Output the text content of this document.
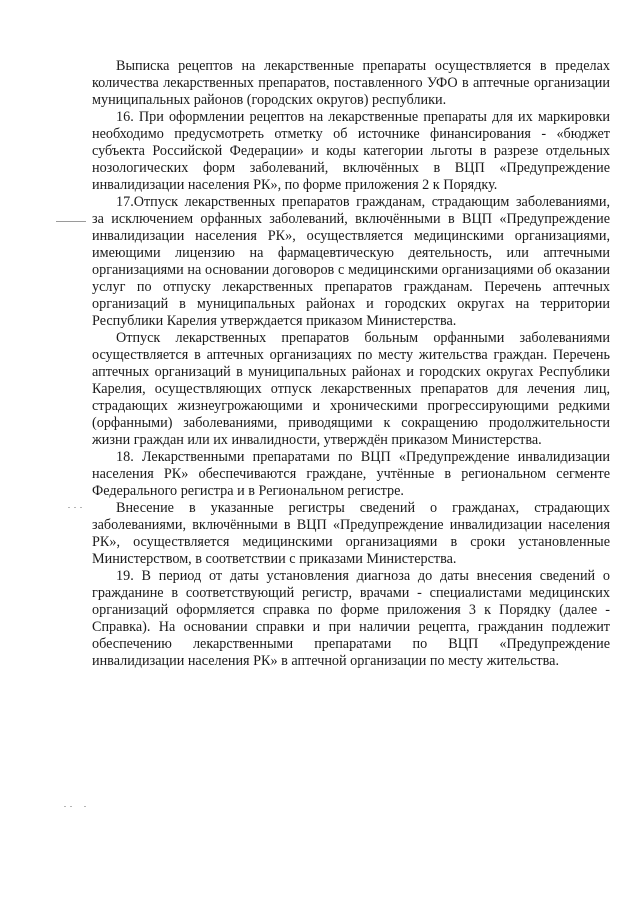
Выписка рецептов на лекарственные препараты осуществляется в пределах количества лекарственных препаратов, поставленного УФО в аптечные организации муниципальных районов (городских округов) республики.

16. При оформлении рецептов на лекарственные препараты для их маркировки необходимо предусмотреть отметку об источнике финансирования - «бюджет субъекта Российской Федерации» и коды категории льготы в разрезе отдельных нозологических форм заболеваний, включённых в ВЦП «Предупреждение инвалидизации населения РК», по форме приложения 2 к Порядку.

17.Отпуск лекарственных препаратов гражданам, страдающим заболеваниями, за исключением орфанных заболеваний, включёнными в ВЦП «Предупреждение инвалидизации населения РК», осуществляется медицинскими организациями, имеющими лицензию на фармацевтическую деятельность, или аптечными организациями на основании договоров с медицинскими организациями об оказании услуг по отпуску лекарственных препаратов гражданам. Перечень аптечных организаций в муниципальных районах и городских округах на территории Республики Карелия утверждается приказом Министерства.

Отпуск лекарственных препаратов больным орфанными заболеваниями осуществляется в аптечных организациях по месту жительства граждан. Перечень аптечных организаций в муниципальных районах и городских округах Республики Карелия, осуществляющих отпуск лекарственных препаратов для лечения лиц, страдающих жизнеугрожающими и хроническими прогрессирующими редкими (орфанными) заболеваниями, приводящими к сокращению продолжительности жизни граждан или их инвалидности, утверждён приказом Министерства.

18. Лекарственными препаратами по ВЦП «Предупреждение инвалидизации населения РК» обеспечиваются граждане, учтённые в региональном сегменте Федерального регистра и в Региональном регистре.

Внесение в указанные регистры сведений о гражданах, страдающих заболеваниями, включёнными в ВЦП «Предупреждение инвалидизации населения РК», осуществляется медицинскими организациями в сроки установленные Министерством, в соответствии с приказами Министерства.

19. В период от даты установления диагноза до даты внесения сведений о гражданине в соответствующий регистр, врачами - специалистами медицинских организаций оформляется справка по форме приложения 3 к Порядку (далее - Справка). На основании справки и при наличии рецепта, гражданин подлежит обеспечению лекарственными препаратами по ВЦП «Предупреждение инвалидизации населения РК» в аптечной организации по месту жительства.
